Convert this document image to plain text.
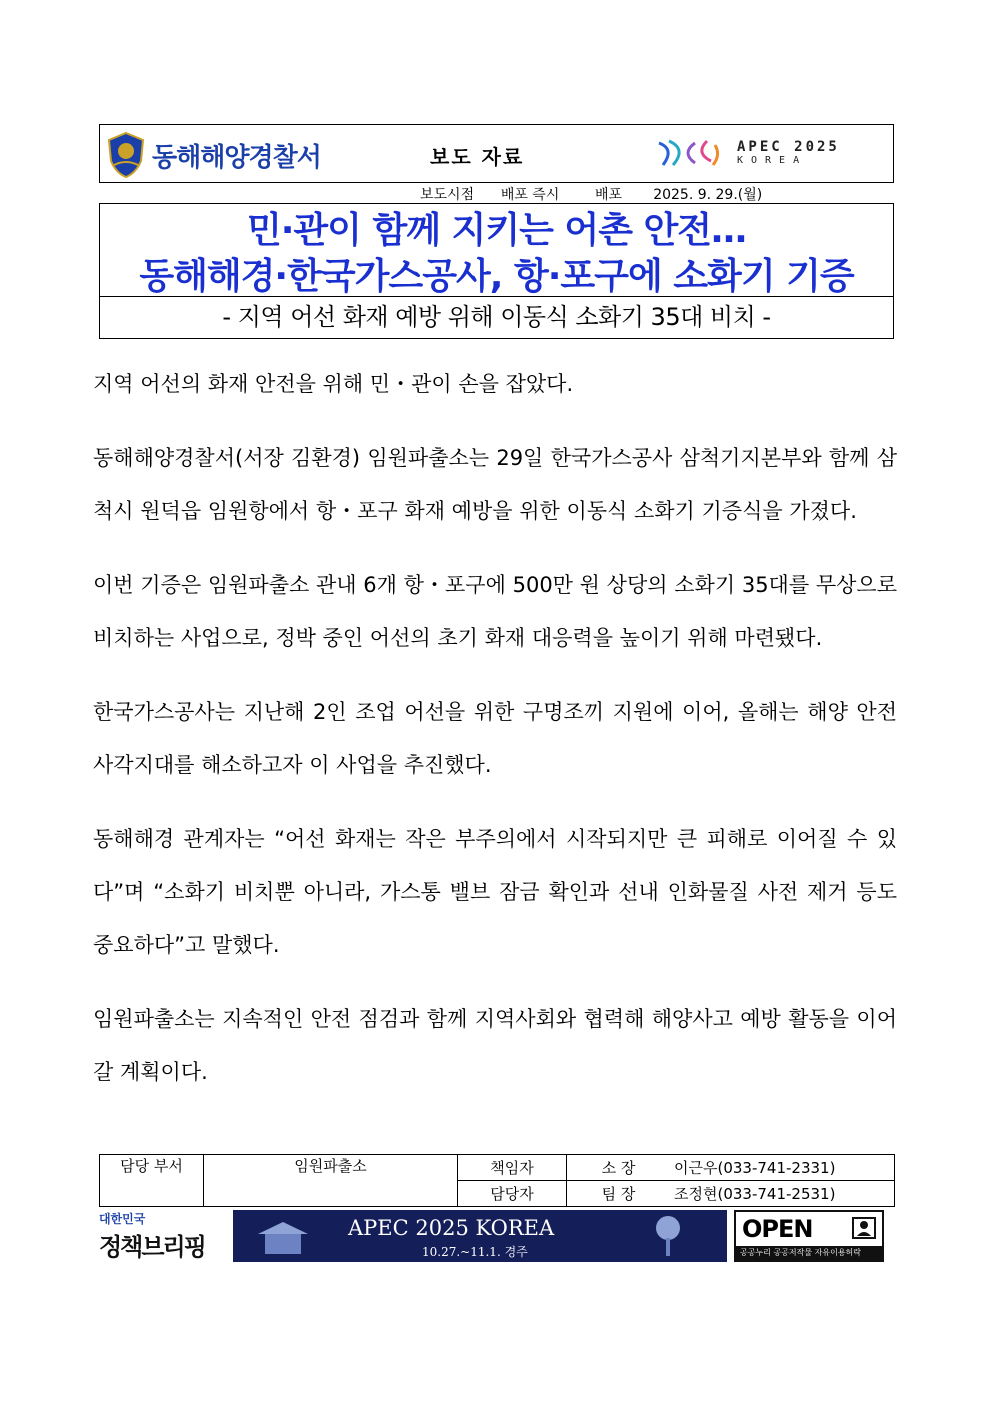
동해해양경찰서	보도 자료	APEC 2025
KOREA
보도시점 배포 즉시	배포 2025. 9. 29.(월)
민·관이 함께 지키는 어촌 안전…
동해해경·한국가스공사, 항·포구에 소화기 기증
- 지역 어선 화재 예방 위해 이동식 소화기 35대 비치 -

지역 어선의 화재 안전을 위해 민・관이 손을 잡았다.

동해해양경찰서(서장 김환경) 임원파출소는 29일 한국가스공사 삼척기지본부와 함께 삼척시 원덕읍 임원항에서 항・포구 화재 예방을 위한 이동식 소화기 기증식을 가졌다.

이번 기증은 임원파출소 관내 6개 항・포구에 500만 원 상당의 소화기 35대를 무상으로 비치하는 사업으로, 정박 중인 어선의 초기 화재 대응력을 높이기 위해 마련됐다.

한국가스공사는 지난해 2인 조업 어선을 위한 구명조끼 지원에 이어, 올해는 해양 안전 사각지대를 해소하고자 이 사업을 추진했다.

동해해경 관계자는 “어선 화재는 작은 부주의에서 시작되지만 큰 피해로 이어질 수 있다”며 “소화기 비치뿐 아니라, 가스통 밸브 잠금 확인과 선내 인화물질 사전 제거 등도 중요하다”고 말했다.

임원파출소는 지속적인 안전 점검과 함께 지역사회와 협력해 해양사고 예방 활동을 이어갈 계획이다.

담당 부서	임원파출소	책임자	소 장	이근우(033-741-2331)
		담당자	팀 장	조정현(033-741-2531)
대한민국
정책브리핑
APEC 2025 KOREA
10.27.~11.1. 경주
OPEN
공공누리 공공저작물 자유이용허락
